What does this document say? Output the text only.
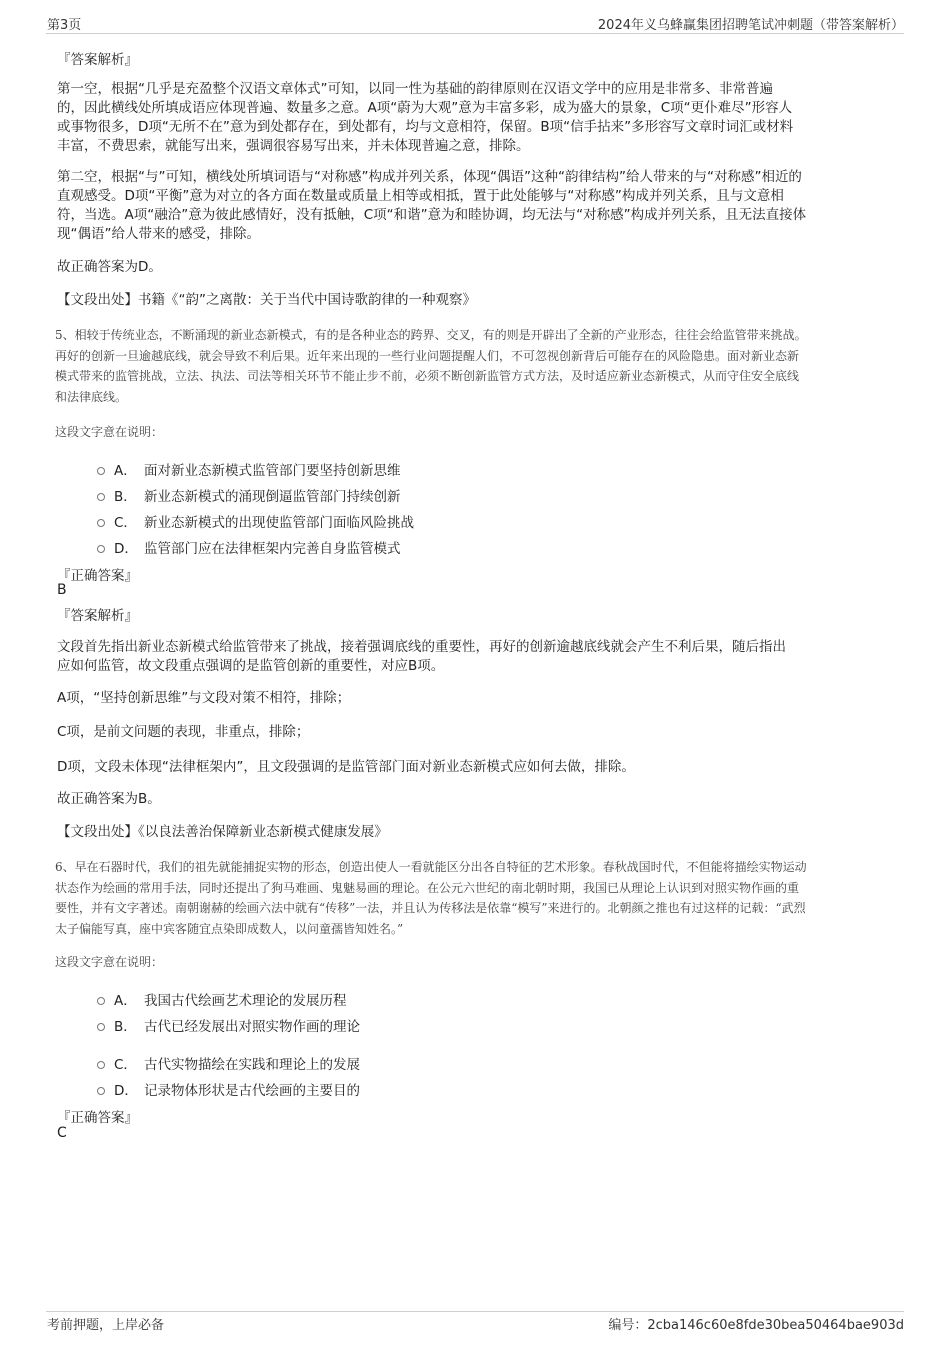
第3页	2024年义乌蜂赢集团招聘笔试冲刺题（带答案解析）
『答案解析』
第一空，根据“几乎是充盈整个汉语文章体式”可知，以同一性为基础的韵律原则在汉语文学中的应用是非常多、非常普遍
的，因此横线处所填成语应体现普遍、数量多之意。A项“蔚为大观”意为丰富多彩，成为盛大的景象，C项“更仆难尽”形容人
或事物很多，D项“无所不在”意为到处都存在，到处都有，均与文意相符，保留。B项“信手拈来”多形容写文章时词汇或材料
丰富，不费思索，就能写出来，强调很容易写出来，并未体现普遍之意，排除。
第二空，根据“与”可知，横线处所填词语与“对称感”构成并列关系，体现“偶语”这种“韵律结构”给人带来的与“对称感”相近的
直观感受。D项“平衡”意为对立的各方面在数量或质量上相等或相抵，置于此处能够与“对称感”构成并列关系，且与文意相
符，当选。A项“融洽”意为彼此感情好，没有抵触，C项“和谐”意为和睦协调，均无法与“对称感”构成并列关系，且无法直接体
现“偶语”给人带来的感受，排除。
故正确答案为D。
【文段出处】书籍《“韵”之离散：关于当代中国诗歌韵律的一种观察》
5、相较于传统业态，不断涌现的新业态新模式，有的是各种业态的跨界、交叉，有的则是开辟出了全新的产业形态，往往会给监管带来挑战。
再好的创新一旦逾越底线，就会导致不利后果。近年来出现的一些行业问题提醒人们，不可忽视创新背后可能存在的风险隐患。面对新业态新
模式带来的监管挑战，立法、执法、司法等相关环节不能止步不前，必须不断创新监管方式方法，及时适应新业态新模式，从而守住安全底线
和法律底线。
这段文字意在说明：
A． 面对新业态新模式监管部门要坚持创新思维
B． 新业态新模式的涌现倒逼监管部门持续创新
C． 新业态新模式的出现使监管部门面临风险挑战
D． 监管部门应在法律框架内完善自身监管模式
『正确答案』
B
『答案解析』
文段首先指出新业态新模式给监管带来了挑战，接着强调底线的重要性，再好的创新逾越底线就会产生不利后果，随后指出
应如何监管，故文段重点强调的是监管创新的重要性，对应B项。
A项，“坚持创新思维”与文段对策不相符，排除；
C项，是前文问题的表现，非重点，排除；
D项，文段未体现“法律框架内”，且文段强调的是监管部门面对新业态新模式应如何去做，排除。
故正确答案为B。
【文段出处】《以良法善治保障新业态新模式健康发展》
6、早在石器时代，我们的祖先就能捕捉实物的形态，创造出使人一看就能区分出各自特征的艺术形象。春秋战国时代，不但能将描绘实物运动
状态作为绘画的常用手法，同时还提出了狗马难画、鬼魅易画的理论。在公元六世纪的南北朝时期，我国已从理论上认识到对照实物作画的重
要性，并有文字著述。南朝谢赫的绘画六法中就有“传移”一法，并且认为传移法是依靠“模写”来进行的。北朝颜之推也有过这样的记载：“武烈
太子偏能写真，座中宾客随宜点染即成数人，以问童孺皆知姓名。”
这段文字意在说明：
A． 我国古代绘画艺术理论的发展历程
B． 古代已经发展出对照实物作画的理论
C． 古代实物描绘在实践和理论上的发展
D． 记录物体形状是古代绘画的主要目的
『正确答案』
C
考前押题，上岸必备	编号：2cba146c60e8fde30bea50464bae903d
